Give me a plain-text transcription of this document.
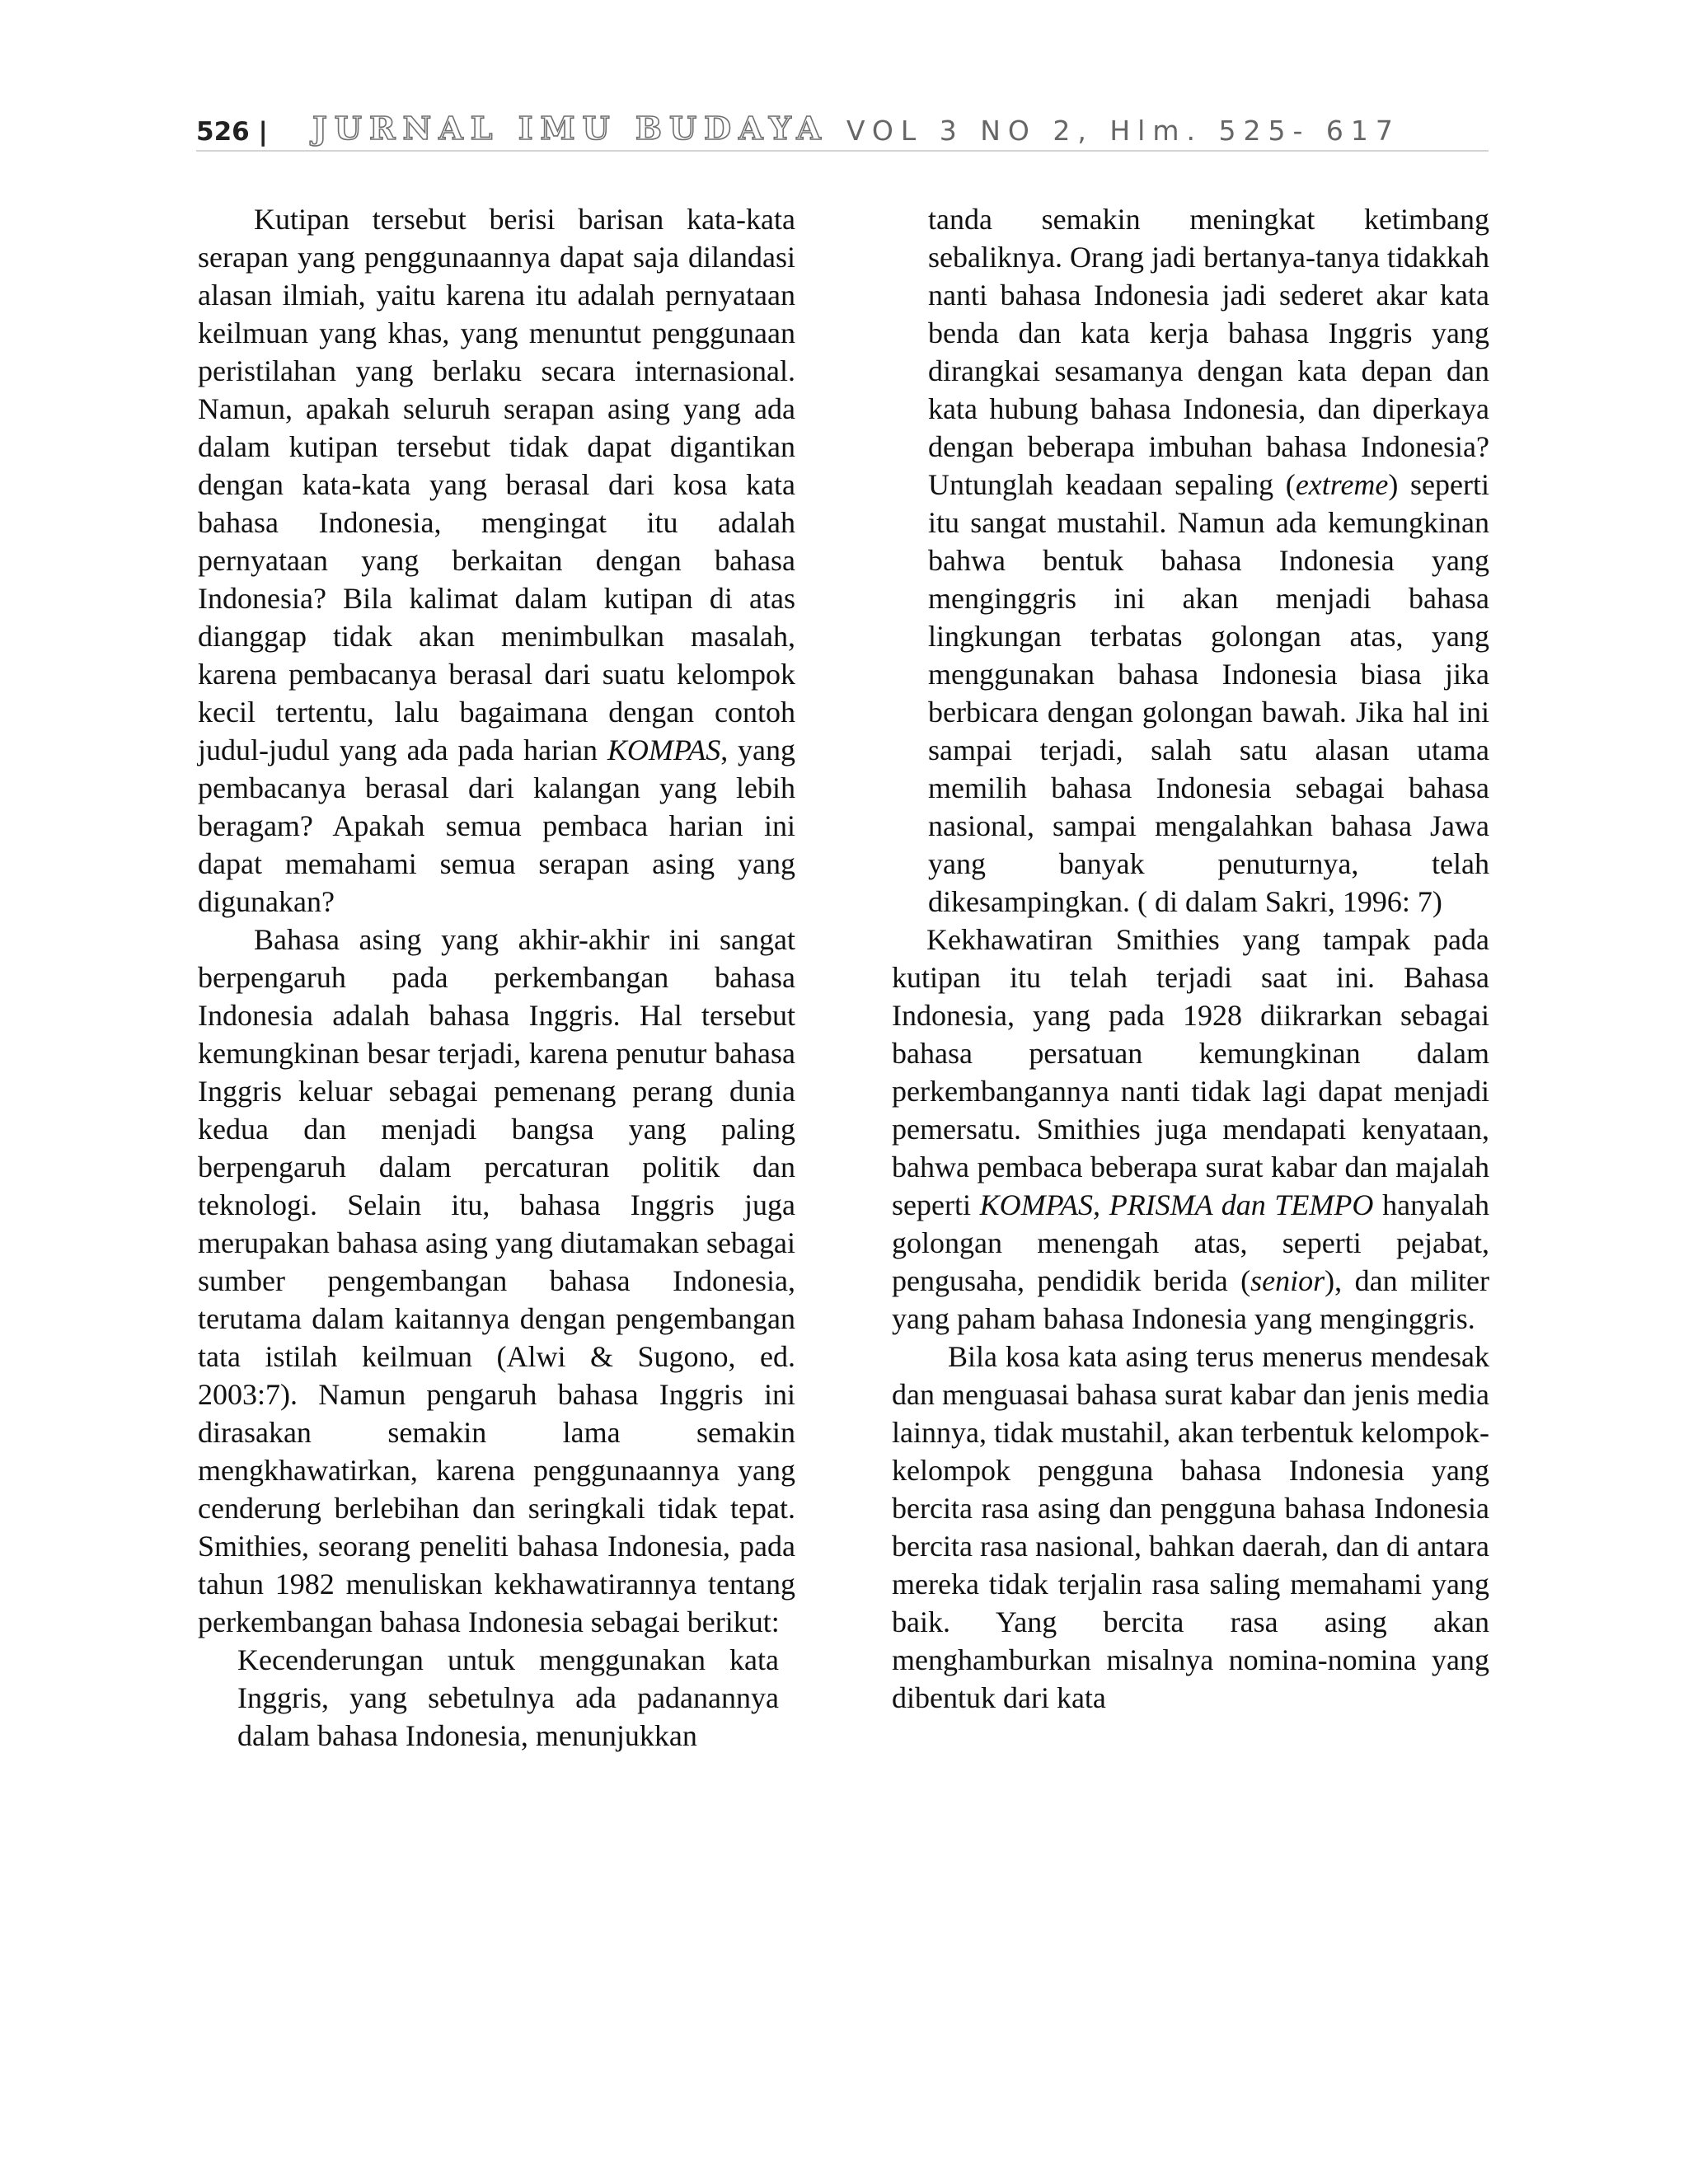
526 | JURNAL IMU BUDAYA VOL 3 NO 2, Hlm. 525- 617

Kutipan tersebut berisi barisan kata-kata serapan yang penggunaannya dapat saja dilandasi alasan ilmiah, yaitu karena itu adalah pernyataan keilmuan yang khas, yang menuntut penggunaan peristilahan yang berlaku secara internasional. Namun, apakah seluruh serapan asing yang ada dalam kutipan tersebut tidak dapat digantikan dengan kata-kata yang berasal dari kosa kata bahasa Indonesia, mengingat itu adalah pernyataan yang berkaitan dengan bahasa Indonesia? Bila kalimat dalam kutipan di atas dianggap tidak akan menimbulkan masalah, karena pembacanya berasal dari suatu kelompok kecil tertentu, lalu bagaimana dengan contoh judul-judul yang ada pada harian KOMPAS, yang pembacanya berasal dari kalangan yang lebih beragam? Apakah semua pembaca harian ini dapat memahami semua serapan asing yang digunakan?

Bahasa asing yang akhir-akhir ini sangat berpengaruh pada perkembangan bahasa Indonesia adalah bahasa Inggris. Hal tersebut kemungkinan besar terjadi, karena penutur bahasa Inggris keluar sebagai pemenang perang dunia kedua dan menjadi bangsa yang paling berpengaruh dalam percaturan politik dan teknologi. Selain itu, bahasa Inggris juga merupakan bahasa asing yang diutamakan sebagai sumber pengembangan bahasa Indonesia, terutama dalam kaitannya dengan pengembangan tata istilah keilmuan (Alwi & Sugono, ed. 2003:7). Namun pengaruh bahasa Inggris ini dirasakan semakin lama semakin mengkhawatirkan, karena penggunaannya yang cenderung berlebihan dan seringkali tidak tepat. Smithies, seorang peneliti bahasa Indonesia, pada tahun 1982 menuliskan kekhawatirannya tentang perkembangan bahasa Indonesia sebagai berikut:

Kecenderungan untuk menggunakan kata Inggris, yang sebetulnya ada padanannya dalam bahasa Indonesia, menunjukkan

tanda semakin meningkat ketimbang sebaliknya. Orang jadi bertanya-tanya tidakkah nanti bahasa Indonesia jadi sederet akar kata benda dan kata kerja bahasa Inggris yang dirangkai sesamanya dengan kata depan dan kata hubung bahasa Indonesia, dan diperkaya dengan beberapa imbuhan bahasa Indonesia? Untunglah keadaan sepaling (extreme) seperti itu sangat mustahil. Namun ada kemungkinan bahwa bentuk bahasa Indonesia yang menginggris ini akan menjadi bahasa lingkungan terbatas golongan atas, yang menggunakan bahasa Indonesia biasa jika berbicara dengan golongan bawah. Jika hal ini sampai terjadi, salah satu alasan utama memilih bahasa Indonesia sebagai bahasa nasional, sampai mengalahkan bahasa Jawa yang banyak penuturnya, telah dikesampingkan. ( di dalam Sakri, 1996: 7)

Kekhawatiran Smithies yang tampak pada kutipan itu telah terjadi saat ini. Bahasa Indonesia, yang pada 1928 diikrarkan sebagai bahasa persatuan kemungkinan dalam perkembangannya nanti tidak lagi dapat menjadi pemersatu. Smithies juga mendapati kenyataan, bahwa pembaca beberapa surat kabar dan majalah seperti KOMPAS, PRISMA dan TEMPO hanyalah golongan menengah atas, seperti pejabat, pengusaha, pendidik berida (senior), dan militer yang paham bahasa Indonesia yang menginggris.

Bila kosa kata asing terus menerus mendesak dan menguasai bahasa surat kabar dan jenis media lainnya, tidak mustahil, akan terbentuk kelompok-kelompok pengguna bahasa Indonesia yang bercita rasa asing dan pengguna bahasa Indonesia bercita rasa nasional, bahkan daerah, dan di antara mereka tidak terjalin rasa saling memahami yang baik. Yang bercita rasa asing akan menghamburkan misalnya nomina-nomina yang dibentuk dari kata
